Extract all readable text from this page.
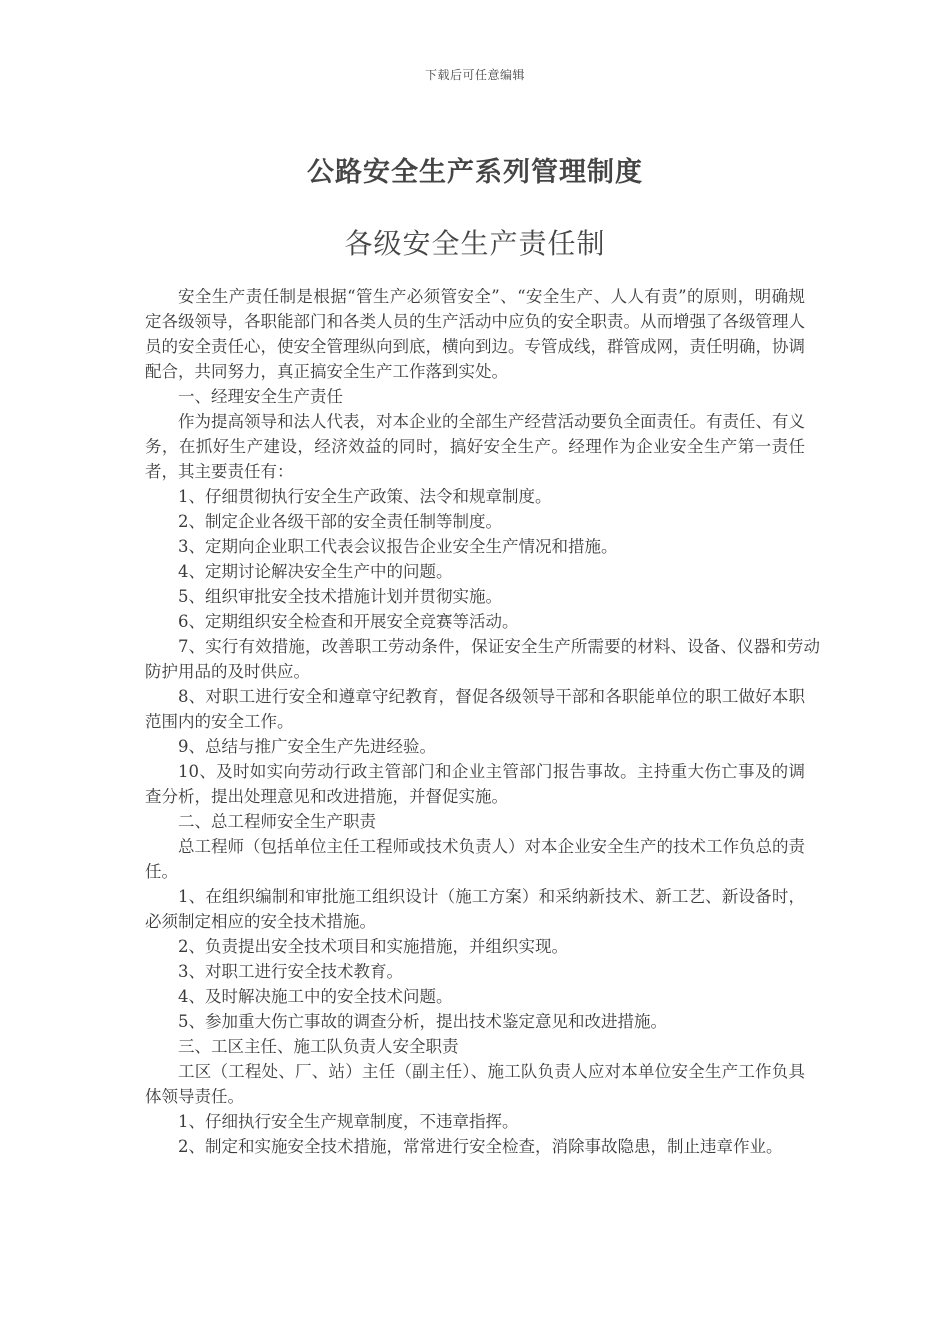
下载后可任意编辑
公路安全生产系列管理制度
各级安全生产责任制

安全生产责任制是根据“管生产必须管安全”、“安全生产、人人有责”的原则，明确规定各级领导，各职能部门和各类人员的生产活动中应负的安全职责。从而增强了各级管理人员的安全责任心，使安全管理纵向到底，横向到边。专管成线，群管成网，责任明确，协调配合，共同努力，真正搞安全生产工作落到实处。

一、经理安全生产责任

作为提高领导和法人代表，对本企业的全部生产经营活动要负全面责任。有责任、有义务，在抓好生产建设，经济效益的同时，搞好安全生产。经理作为企业安全生产第一责任者，其主要责任有：

1、仔细贯彻执行安全生产政策、法令和规章制度。

2、制定企业各级干部的安全责任制等制度。

3、定期向企业职工代表会议报告企业安全生产情况和措施。

4、定期讨论解决安全生产中的问题。

5、组织审批安全技术措施计划并贯彻实施。

6、定期组织安全检查和开展安全竞赛等活动。

7、实行有效措施，改善职工劳动条件，保证安全生产所需要的材料、设备、仪器和劳动防护用品的及时供应。

8、对职工进行安全和遵章守纪教育，督促各级领导干部和各职能单位的职工做好本职范围内的安全工作。

9、总结与推广安全生产先进经验。

10、及时如实向劳动行政主管部门和企业主管部门报告事故。主持重大伤亡事及的调查分析，提出处理意见和改进措施，并督促实施。

二、总工程师安全生产职责

总工程师（包括单位主任工程师或技术负责人）对本企业安全生产的技术工作负总的责任。

1、在组织编制和审批施工组织设计（施工方案）和采纳新技术、新工艺、新设备时，必须制定相应的安全技术措施。

2、负责提出安全技术项目和实施措施，并组织实现。

3、对职工进行安全技术教育。

4、及时解决施工中的安全技术问题。

5、参加重大伤亡事故的调查分析，提出技术鉴定意见和改进措施。

三、工区主任、施工队负责人安全职责

工区（工程处、厂、站）主任（副主任）、施工队负责人应对本单位安全生产工作负具体领导责任。

1、仔细执行安全生产规章制度，不违章指挥。

2、制定和实施安全技术措施，常常进行安全检查，消除事故隐患，制止违章作业。
